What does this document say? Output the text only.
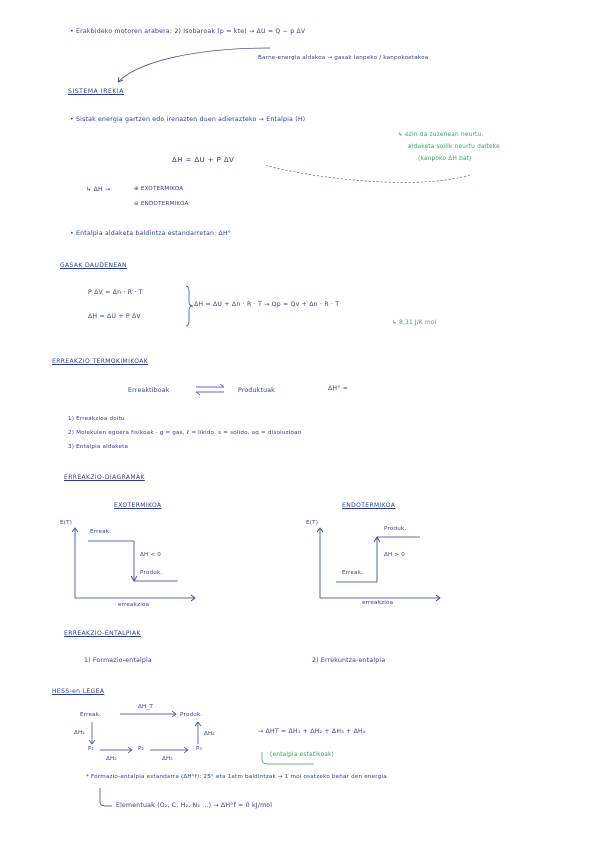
• Erakbideko motoren arabera: 2) Isobaroak (p = kte) → ΔU = Q − p ΔV
Barne-energia aldakoa → gasak lanpeko / kanpokoetakoa
SISTEMA IREKIA
• Sistak energia gartzen edo irenazten duen adierazteko → Entalpia (H)
↳ ezin da zuzenean neurtu.
aldaketa soilik neurtu daiteke
(kanpoko ΔH bat)
ΔH = ΔU + P ΔV
↳ ΔH →	⊕ EXOTERMIKOA
⊖ ENDOTERMIKOA
• Entalpia aldaketa baldintza estandarretan: ΔH°
GASAK DAUDENEAN
P ΔV = Δn · R · T
ΔH = ΔU + P ΔV
ΔH = ΔU + Δn · R · T → Qp = Qv + Δn · R · T
↳ 8,31 J/K mol
ERREAKZIO TERMOKIMIKOAK
Erreaktiboak	Produktuak	ΔH° =
1) Erreakzioa doitu
2) Molekulen egoera fisikoak · g = gas, ℓ = likido, s = solido, aq = disoluzioan
3) Entalpia aldaketa
ERREAKZIO-DIAGRAMAK
EXOTERMIKOA	ENDOTERMIKOA
E(T)
Erreak.
Produk.
ΔH < 0
erreakzioa
E(T)
Produk.
Erreak.
ΔH > 0
erreakzioa
ERREAKZIO-ENTALPIAK
1) Formazio-entalpia	2) Errekuntza-entalpia
HESS-en LEGEA
Erreak.	Produk.
ΔH_T
ΔH₁
P₁	P₂	P₃
ΔH₂	ΔH₃
ΔH₄	→ ΔHT = ΔH₁ + ΔH₂ + ΔH₃ + ΔH₄
(entalpia estatikoak)
* Formazio-entalpia estandarra (ΔH°f): 25° eta 1atm baldintzak → 1 mol osatzeko behar den energia
Elementuak (O₂, C, H₂, N₂ ...) → ΔH°f = 0 kJ/mol
